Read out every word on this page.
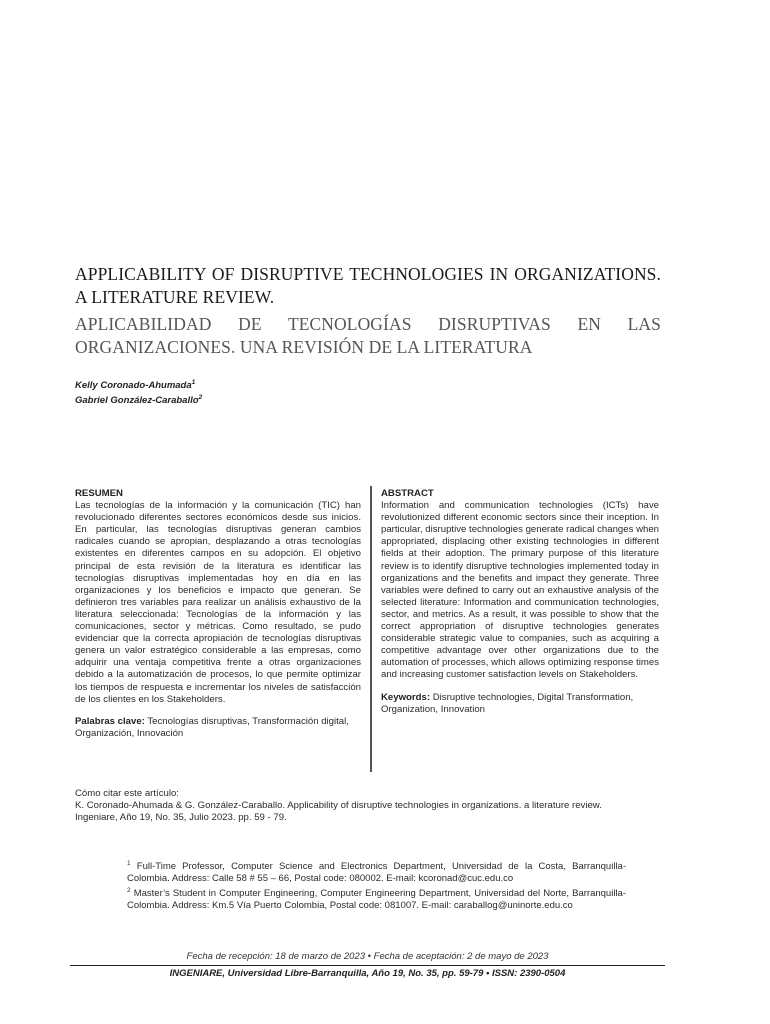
APPLICABILITY OF DISRUPTIVE TECHNOLOGIES IN ORGANIZATIONS. A LITERATURE REVIEW.
APLICABILIDAD DE TECNOLOGÍAS DISRUPTIVAS EN LAS ORGANIZACIONES. UNA REVISIÓN DE LA LITERATURA
Kelly Coronado-Ahumada$^1$
Gabriel González-Caraballo$^2$
RESUMEN

Las tecnologías de la información y la comunicación (TIC) han revolucionado diferentes sectores económicos desde sus inicios. En particular, las tecnologías disruptivas generan cambios radicales cuando se apropian, desplazando a otras tecnologías existentes en diferentes campos en su adopción. El objetivo principal de esta revisión de la literatura es identificar las tecnologías disruptivas implementadas hoy en día en las organizaciones y los beneficios e impacto que generan. Se definieron tres variables para realizar un análisis exhaustivo de la literatura seleccionada: Tecnologías de la información y las comunicaciones, sector y métricas. Como resultado, se pudo evidenciar que la correcta apropiación de tecnologías disruptivas genera un valor estratégico considerable a las empresas, como adquirir una ventaja competitiva frente a otras organizaciones debido a la automatización de procesos, lo que permite optimizar los tiempos de respuesta e incrementar los niveles de satisfacción de los clientes en los Stakeholders.

Palabras clave: Tecnologías disruptivas, Transformación digital, Organización, Innovación
ABSTRACT

Information and communication technologies (ICTs) have revolutionized different economic sectors since their inception. In particular, disruptive technologies generate radical changes when appropriated, displacing other existing technologies in different fields at their adoption. The primary purpose of this literature review is to identify disruptive technologies implemented today in organizations and the benefits and impact they generate. Three variables were defined to carry out an exhaustive analysis of the selected literature: Information and communication technologies, sector, and metrics. As a result, it was possible to show that the correct appropriation of disruptive technologies generates considerable strategic value to companies, such as acquiring a competitive advantage over other organizations due to the automation of processes, which allows optimizing response times and increasing customer satisfaction levels on Stakeholders.

Keywords: Disruptive technologies, Digital Transformation, Organization, Innovation
Cómo citar este artículo:
K. Coronado-Ahumada & G. González-Caraballo. Applicability of disruptive technologies in organizations. a literature review.
Ingeniare, Año 19, No. 35, Julio 2023. pp. 59 - 79.

$^1$ Full-Time Professor, Computer Science and Electronics Department, Universidad de la Costa, Barranquilla-Colombia. Address: Calle 58 # 55 – 66, Postal code: 080002. E-mail: kcoronad@cuc.edu.co

$^2$ Master’s Student in Computer Engineering, Computer Engineering Department, Universidad del Norte, Barranquilla-Colombia. Address: Km.5 Vía Puerto Colombia, Postal code: 081007. E-mail: caraballog@uninorte.edu.co

Fecha de recepción: 18 de marzo de 2023 • Fecha de aceptación: 2 de mayo de 2023
INGENIARE, Universidad Libre-Barranquilla, Año 19, No. 35, pp. 59-79 • ISSN: 2390-0504
